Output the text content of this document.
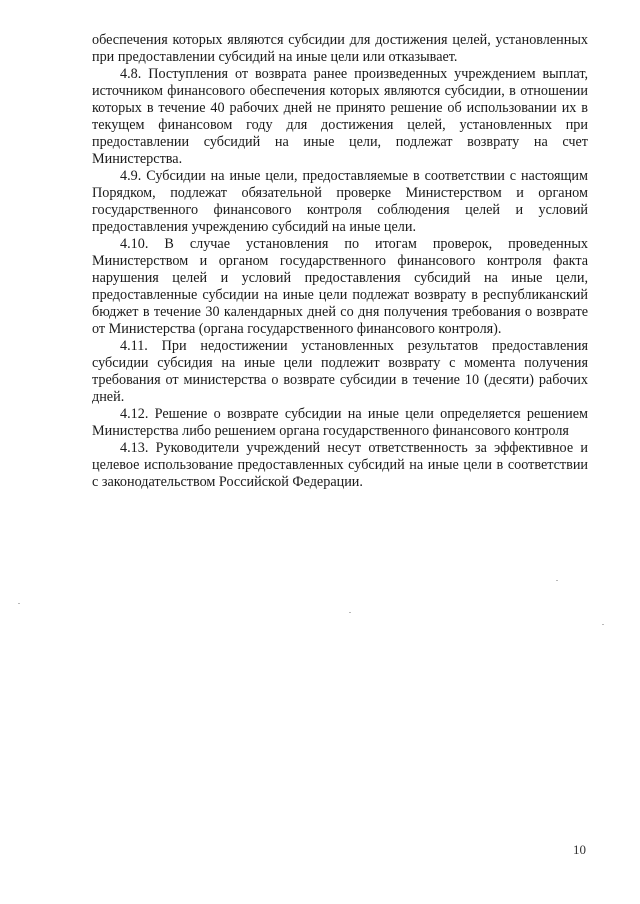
обеспечения которых являются субсидии для достижения целей, установленных при предоставлении субсидий на иные цели или отказывает.

4.8. Поступления от возврата ранее произведенных учреждением выплат, источником финансового обеспечения которых являются субсидии, в отношении которых в течение 40 рабочих дней не принято решение об использовании их в текущем финансовом году для достижения целей, установленных при предоставлении субсидий на иные цели, подлежат возврату на счет Министерства.

4.9. Субсидии на иные цели, предоставляемые в соответствии с настоящим Порядком, подлежат обязательной проверке Министерством и органом государственного финансового контроля соблюдения целей и условий предоставления учреждению субсидий на иные цели.

4.10. В случае установления по итогам проверок, проведенных Министерством и органом государственного финансового контроля факта нарушения целей и условий предоставления субсидий на иные цели, предоставленные субсидии на иные цели подлежат возврату в республиканский бюджет в течение 30 календарных дней со дня получения требования о возврате от Министерства (органа государственного финансового контроля).

4.11. При недостижении установленных результатов предоставления субсидии субсидия на иные цели подлежит возврату с момента получения требования от министерства о возврате субсидии в течение 10 (десяти) рабочих дней.

4.12. Решение о возврате субсидии на иные цели определяется решением Министерства либо решением органа государственного финансового контроля

4.13. Руководители учреждений несут ответственность за эффективное и целевое использование предоставленных субсидий на иные цели в соответствии с законодательством Российской Федерации.

10
